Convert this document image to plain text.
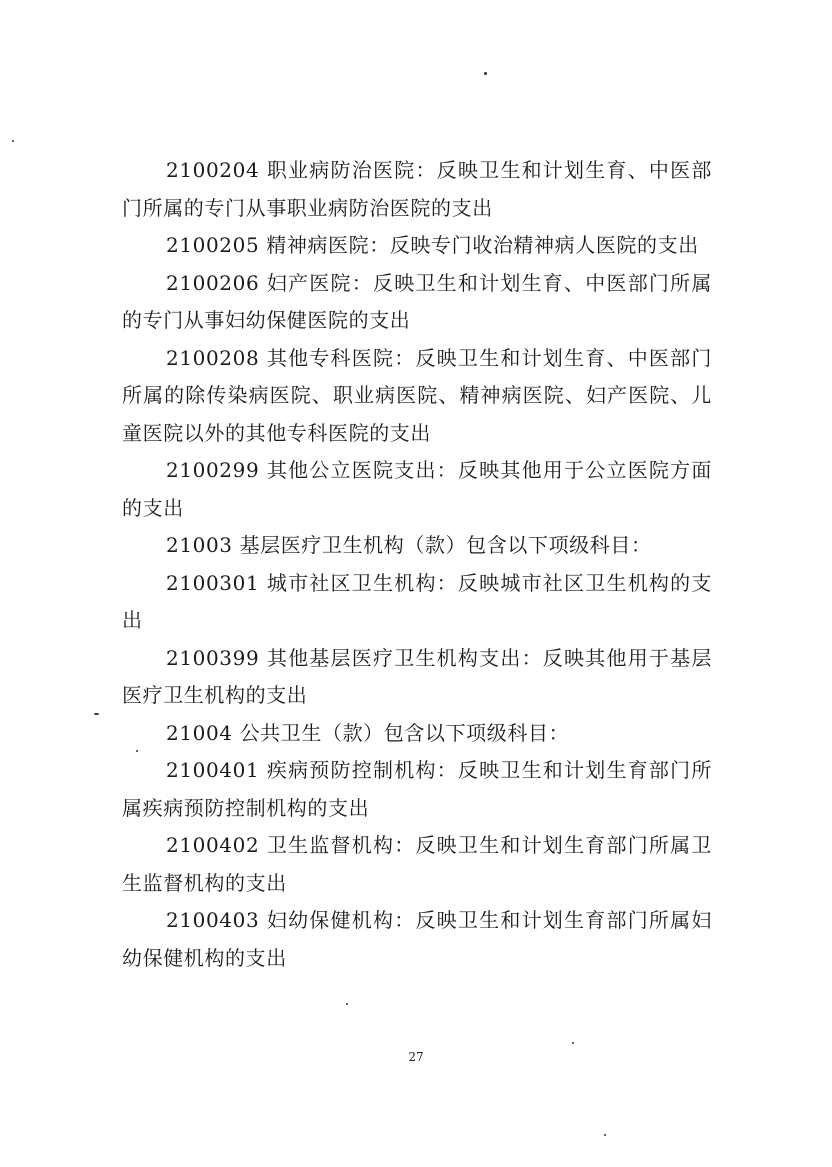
2100204 职业病防治医院：反映卫生和计划生育、中医部门所属的专门从事职业病防治医院的支出

2100205 精神病医院：反映专门收治精神病人医院的支出

2100206 妇产医院：反映卫生和计划生育、中医部门所属的专门从事妇幼保健医院的支出

2100208 其他专科医院：反映卫生和计划生育、中医部门所属的除传染病医院、职业病医院、精神病医院、妇产医院、儿童医院以外的其他专科医院的支出

2100299 其他公立医院支出：反映其他用于公立医院方面的支出

21003 基层医疗卫生机构（款）包含以下项级科目：

2100301 城市社区卫生机构：反映城市社区卫生机构的支出

2100399 其他基层医疗卫生机构支出：反映其他用于基层医疗卫生机构的支出

21004 公共卫生（款）包含以下项级科目：

2100401 疾病预防控制机构：反映卫生和计划生育部门所属疾病预防控制机构的支出

2100402 卫生监督机构：反映卫生和计划生育部门所属卫生监督机构的支出

2100403 妇幼保健机构：反映卫生和计划生育部门所属妇幼保健机构的支出

27
